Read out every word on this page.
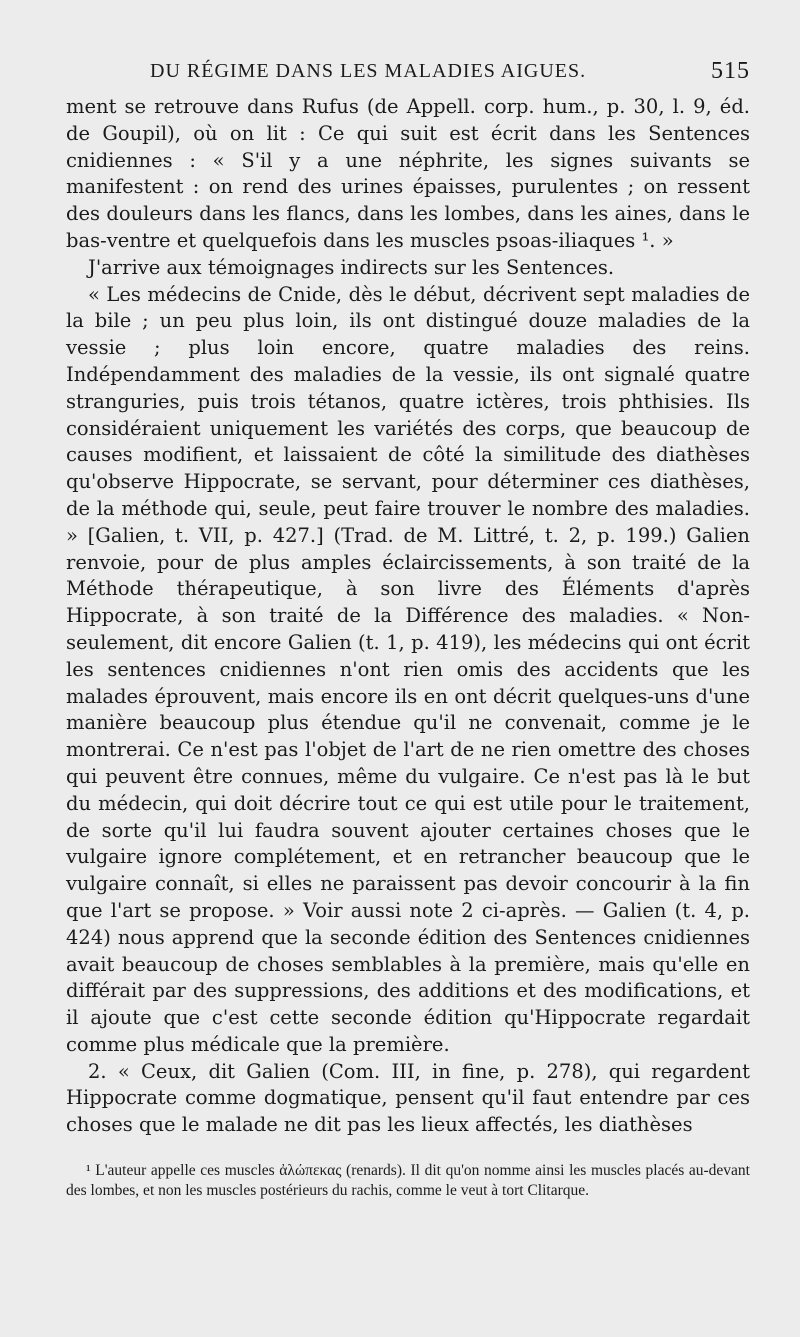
DU RÉGIME DANS LES MALADIES AIGUES.	515

ment se retrouve dans Rufus (de Appell. corp. hum., p. 30, l. 9, éd. de Goupil), où on lit : Ce qui suit est écrit dans les Sentences cnidiennes : « S'il y a une néphrite, les signes suivants se manifestent : on rend des urines épaisses, purulentes ; on ressent des douleurs dans les flancs, dans les lombes, dans les aines, dans le bas-ventre et quelquefois dans les muscles psoas-iliaques ¹. »

J'arrive aux témoignages indirects sur les Sentences.

« Les médecins de Cnide, dès le début, décrivent sept maladies de la bile ; un peu plus loin, ils ont distingué douze maladies de la vessie ; plus loin encore, quatre maladies des reins. Indépendamment des maladies de la vessie, ils ont signalé quatre stranguries, puis trois tétanos, quatre ictères, trois phthisies. Ils considéraient uniquement les variétés des corps, que beaucoup de causes modifient, et laissaient de côté la similitude des diathèses qu'observe Hippocrate, se servant, pour déterminer ces diathèses, de la méthode qui, seule, peut faire trouver le nombre des maladies. » [Galien, t. VII, p. 427.] (Trad. de M. Littré, t. 2, p. 199.) Galien renvoie, pour de plus amples éclaircissements, à son traité de la Méthode thérapeutique, à son livre des Éléments d'après Hippocrate, à son traité de la Différence des maladies. « Non-seulement, dit encore Galien (t. 1, p. 419), les médecins qui ont écrit les sentences cnidiennes n'ont rien omis des accidents que les malades éprouvent, mais encore ils en ont décrit quelques-uns d'une manière beaucoup plus étendue qu'il ne convenait, comme je le montrerai. Ce n'est pas l'objet de l'art de ne rien omettre des choses qui peuvent être connues, même du vulgaire. Ce n'est pas là le but du médecin, qui doit décrire tout ce qui est utile pour le traitement, de sorte qu'il lui faudra souvent ajouter certaines choses que le vulgaire ignore complétement, et en retrancher beaucoup que le vulgaire connaît, si elles ne paraissent pas devoir concourir à la fin que l'art se propose. » Voir aussi note 2 ci-après. — Galien (t. 4, p. 424) nous apprend que la seconde édition des Sentences cnidiennes avait beaucoup de choses semblables à la première, mais qu'elle en différait par des suppressions, des additions et des modifications, et il ajoute que c'est cette seconde édition qu'Hippocrate regardait comme plus médicale que la première.

2. « Ceux, dit Galien (Com. III, in fine, p. 278), qui regardent Hippocrate comme dogmatique, pensent qu'il faut entendre par ces choses que le malade ne dit pas les lieux affectés, les diathèses

¹ L'auteur appelle ces muscles ἀλώπεκας (renards). Il dit qu'on nomme ainsi les muscles placés au-devant des lombes, et non les muscles postérieurs du rachis, comme le veut à tort Clitarque.
